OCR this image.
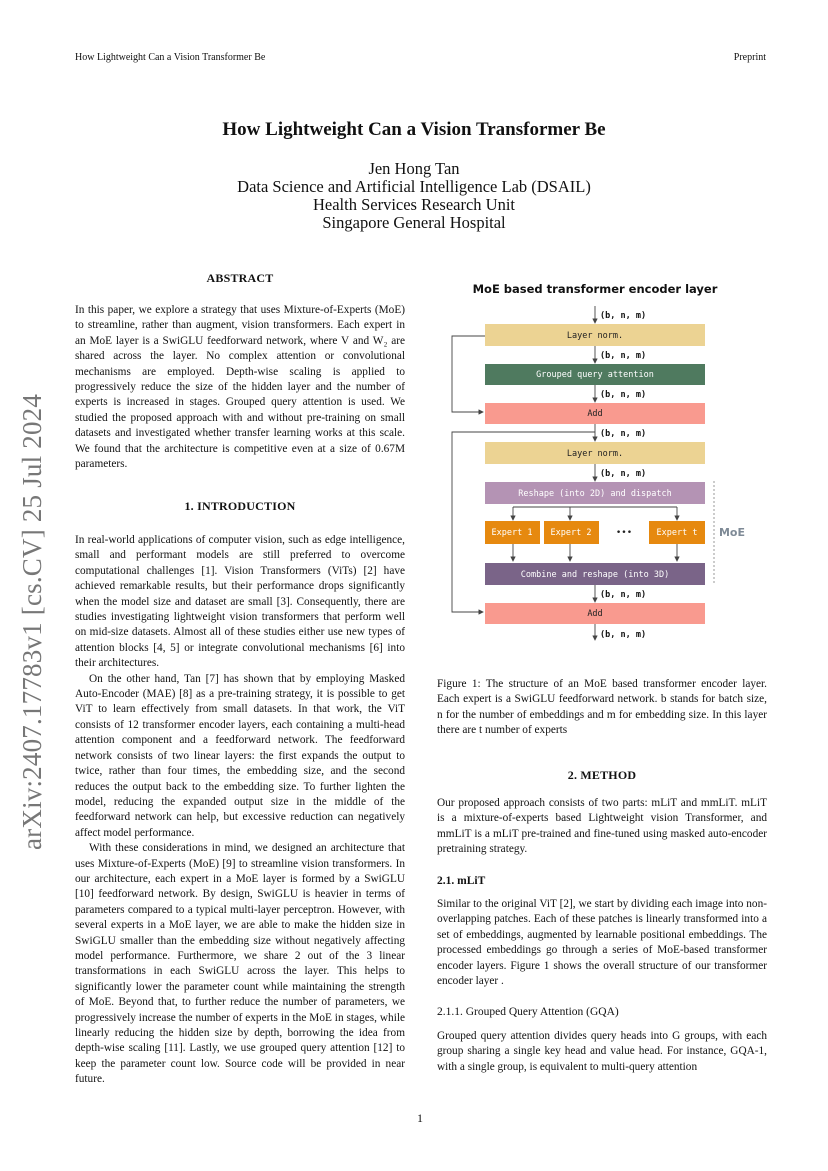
How Lightweight Can a Vision Transformer Be	Preprint
How Lightweight Can a Vision Transformer Be
Jen Hong Tan
Data Science and Artificial Intelligence Lab (DSAIL)
Health Services Research Unit
Singapore General Hospital
arXiv:2407.17783v1 [cs.CV] 25 Jul 2024
ABSTRACT

In this paper, we explore a strategy that uses Mixture-of-Experts (MoE) to streamline, rather than augment, vision transformers. Each expert in an MoE layer is a SwiGLU feedforward network, where V and W₂ are shared across the layer. No complex attention or convolutional mechanisms are employed. Depth-wise scaling is applied to progressively reduce the size of the hidden layer and the number of experts is increased in stages. Grouped query attention is used. We studied the proposed approach with and without pre-training on small datasets and investigated whether transfer learning works at this scale. We found that the architecture is competitive even at a size of 0.67M parameters.

1. INTRODUCTION

In real-world applications of computer vision, such as edge intelligence, small and performant models are still preferred to overcome computational challenges [1]. Vision Transformers (ViTs) [2] have achieved remarkable results, but their performance drops significantly when the model size and dataset are small [3]. Consequently, there are studies investigating lightweight vision transformers that perform well on mid-size datasets. Almost all of these studies either use new types of attention blocks [4, 5] or integrate convolutional mechanisms [6] into their architectures.

On the other hand, Tan [7] has shown that by employing Masked Auto-Encoder (MAE) [8] as a pre-training strategy, it is possible to get ViT to learn effectively from small datasets. In that work, the ViT consists of 12 transformer encoder layers, each containing a multi-head attention component and a feedforward network. The feedforward network consists of two linear layers: the first expands the output to twice, rather than four times, the embedding size, and the second reduces the output back to the embedding size. To further lighten the model, reducing the expanded output size in the middle of the feedforward network can help, but excessive reduction can negatively affect model performance.

With these considerations in mind, we designed an architecture that uses Mixture-of-Experts (MoE) [9] to streamline vision transformers. In our architecture, each expert in a MoE layer is formed by a SwiGLU [10] feedforward network. By design, SwiGLU is heavier in terms of parameters compared to a typical multi-layer perceptron. However, with several experts in a MoE layer, we are able to make the hidden size in SwiGLU smaller than the embedding size without negatively affecting model performance. Furthermore, we share 2 out of the 3 linear transformations in each SwiGLU across the layer. This helps to significantly lower the parameter count while maintaining the strength of MoE. Beyond that, to further reduce the number of parameters, we progressively increase the number of experts in the MoE in stages, while linearly reducing the hidden size by depth, borrowing the idea from depth-wise scaling [11]. Lastly, we use grouped query attention [12] to keep the parameter count low. Source code will be provided in near future.

MoE based transformer encoder layer
Layer norm.
Grouped query attention
Add
Layer norm.
Reshape (into 2D) and dispatch
Expert 1 Expert 2	•••	Expert t
Combine and reshape (into 3D)
Add
MoE
(b, n, m)
(b, n, m)
(b, n, m)
(b, n, m)
(b, n, m)
(b, n, m)
(b, n, m)

Figure 1: The structure of an MoE based transformer encoder layer. Each expert is a SwiGLU feedforward network. b stands for batch size, n for the number of embeddings and m for embedding size. In this layer there are t number of experts

2. METHOD

Our proposed approach consists of two parts: mLiT and mmLiT. mLiT is a mixture-of-experts based Lightweight vision Transformer, and mmLiT is a mLiT pre-trained and fine-tuned using masked auto-encoder pretraining strategy.

2.1. mLiT

Similar to the original ViT [2], we start by dividing each image into non-overlapping patches. Each of these patches is linearly transformed into a set of embeddings, augmented by learnable positional embeddings. The processed embeddings go through a series of MoE-based transformer encoder layers. Figure 1 shows the overall structure of our transformer encoder layer .

2.1.1. Grouped Query Attention (GQA)

Grouped query attention divides query heads into G groups, with each group sharing a single key head and value head. For instance, GQA-1, with a single group, is equivalent to multi-query attention

1
